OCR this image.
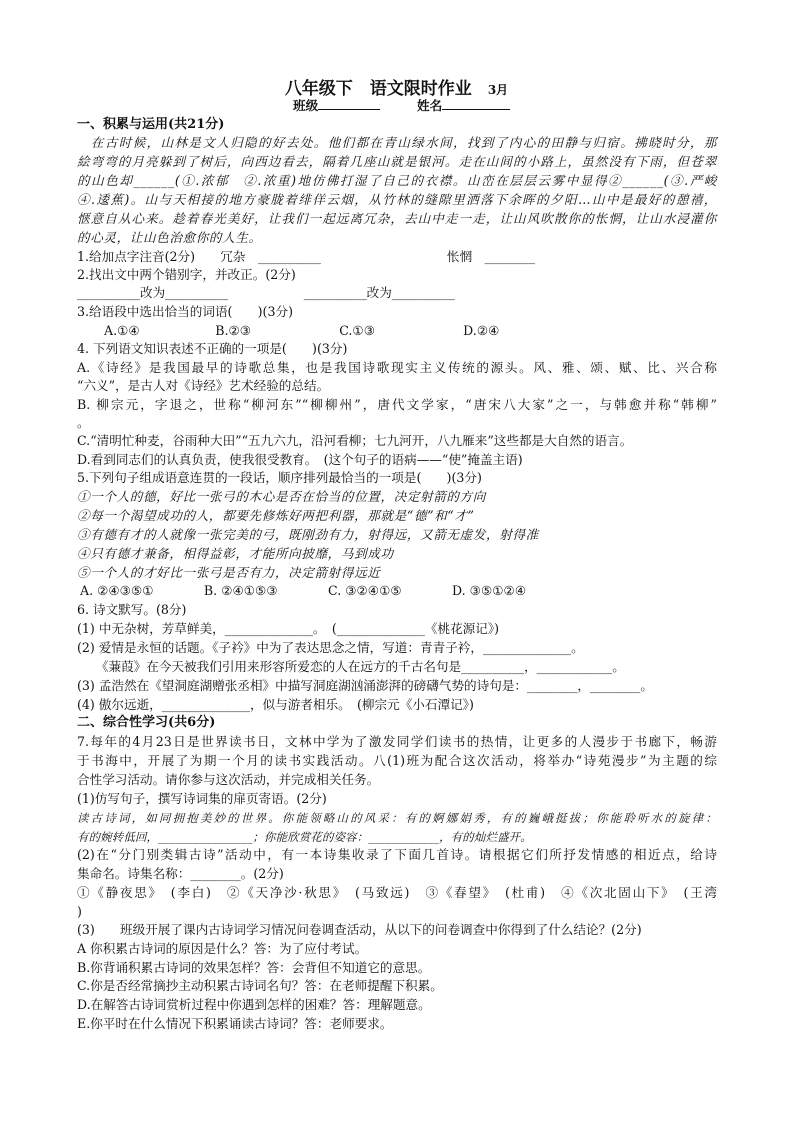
八年级下　语文限时作业 3月
班级	姓名
一、积累与运用(共21分)
　在古时候，山林是文人归隐的好去处。他们都在青山绿水间，找到了内心的田静与归宿。拂晓时分，那
絵弯弯的月亮躲到了树后，向西边看去，隔着几座山就是银河。走在山间的小路上，虽然没有下雨，但苍翠
的山色却______(①.浓郁　②.浓重)地仿佛打湿了自己的衣襟。山峦在层层云雾中显得②______(③.严峻
④.逶蕉)。山与天相接的地方豪胧着绯佯云烟，从竹林的缝隙里洒落下余晖的夕阳…山中是最好的憩禧，
惬意自从心来。趁着春光美好，让我们一起远离冗杂，去山中走一走，让山风吹散你的怅惘，让山水浸灌你
的心灵，让山色治愈你的人生。
1.给加点字注音(2分)　　冗杂　__________　　　　　　　　　　怅惘　________
2.找出文中两个错别字，并改正。(2分)
__________改为__________　　　　　　__________改为__________
3.给语段中选出恰当的词语(　　)(3分)
A.①④　　　　　　B.②③　　　　　　　C.①③　　　　　　　D.②④
4. 下列语文知识表述不正确的一项是(　　)(3分)
A.《诗经》是我国最早的诗歌总集，也是我国诗歌现实主义传统的源头。风、雅、颂、赋、比、兴合称
“六义”，是古人对《诗经》艺术经验的总结。
B. 柳宗元，字退之，世称“柳河东”“柳柳州”，唐代文学家，“唐宋八大家”之一，与韩愈并称“韩柳”
。
C.“清明忙种麦，谷雨种大田”“五九六九，沿河看柳；七九河开，八九雁来”这些都是大自然的语言。
D.看到同志们的认真负责，使我很受教育。　(这个句子的语病——“使”掩盖主语)
5.下列句子组成语意连贯的一段话，顺序排列最恰当的一项是(　　)(3分)
①一个人的德，好比一张弓的木心是否在恰当的位置，决定射箭的方向
②每一个渴望成功的人，都要先修炼好两把利器，那就是“德”和“才”
③有德有才的人就像一张完美的弓，既刚劲有力，射得远，又箭无虚发，射得准
④只有德才兼备，相得益彰，才能所向披靡，马到成功
⑤一个人的才好比一张弓是否有力，决定箭射得远近
A. ②④③⑤①　　　　B. ②④①⑤③　　　　C. ③②④①⑤　　　　D. ③⑤①②④
6. 诗文默写。(8分)
(1) 中无杂树，芳草鲜美，______________。　(______________《桃花源记》)
(2) 爱情是永恒的话题。《子衿》中为了表达思念之情，写道：青青子衿，______________。
　　《蒹葭》在今天被我们引用来形容所爱恋的人在远方的千古名句是__________，____________。
(3) 孟浩然在《望洞庭湖赠张丞相》中描写洞庭湖汹涌澎湃的磅礴气势的诗句是：________，________。
(4) 傲尔远逝，______________，似与游者相乐。　(柳宗元《小石潭记》)
二、综合性学习(共6分)
7.每年的4月23日是世界读书日，文林中学为了激发同学们读书的热情，让更多的人漫步于书廊下，畅游
于书海中，开展了为期一个月的读书实践活动。八(1)班为配合这次活动，将举办“诗苑漫步”为主题的综
合性学习活动。请你参与这次活动，并完成相关任务。
(1)仿写句子，撰写诗词集的扉页寄语。(2分)
读古诗词，如同拥抱美妙的世界。你能领略山的风采：有的婀娜娟秀，有的巍峨挺拔；你能聆听水的旋律：
有的婉转低回，________________；你能欣赏花的姿容：____________，有的灿烂盛开。
(2)在“分门别类辑古诗”活动中，有一本诗集收录了下面几首诗。请根据它们所抒发情感的相近点，给诗
集命名。诗集名称：________。(2分)
①《静夜思》　(李白)　②《天净沙·秋思》　(马致远)　③《春望》　(杜甫)　④《次北固山下》　(王湾
)
(3)　　班级开展了课内古诗词学习情况问卷调查活动，从以下的问卷调查中你得到了什么结论？(2分)
A 你积累古诗词的原因是什么？答：为了应付考试。
B.你背诵积累古诗词的效果怎样？答：会背但不知道它的意思。
C.你是否经常摘抄主动积累古诗词名句？答：在老师提醒下积累。
D.在解答古诗词赏析过程中你遇到怎样的困难？答：理解题意。
E.你平时在什么情况下积累诵读古诗词？答：老师要求。
